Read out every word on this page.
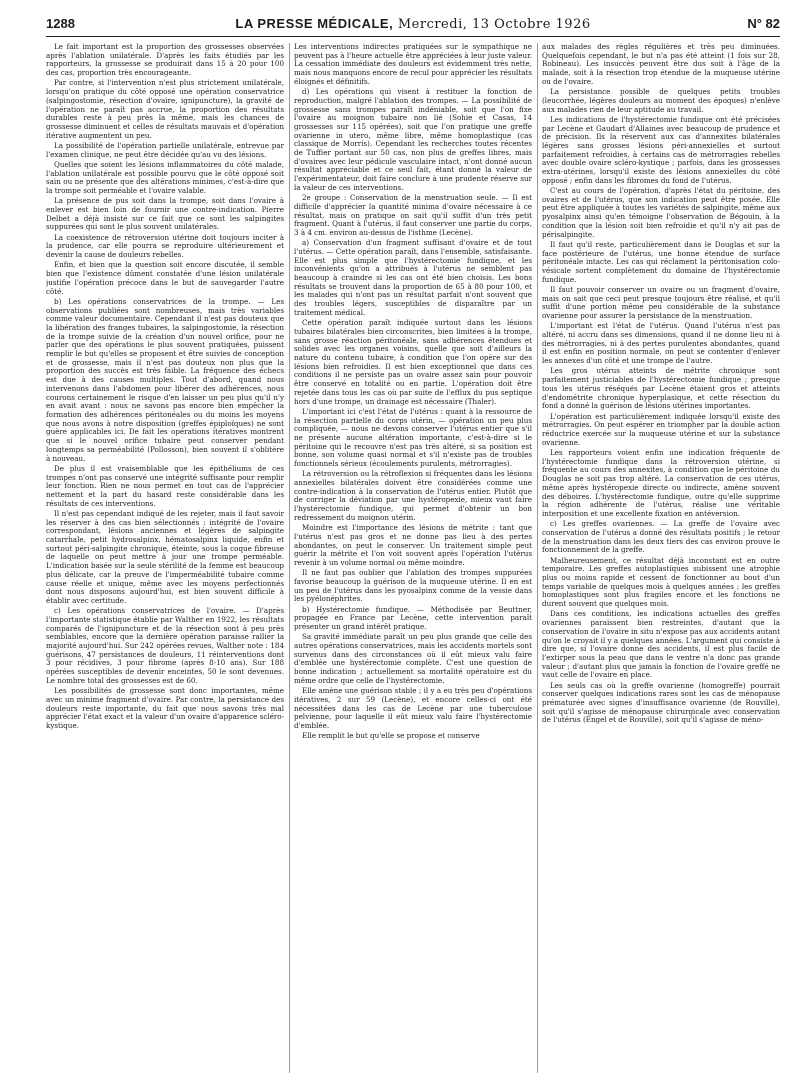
1288	LA PRESSE MÉDICALE, Mercredi, 13 Octobre 1926	N° 82

Le fait important est la proportion des grossesses observées après l'ablation unilatérale. D'après les faits étudiés par les rapporteurs, la grossesse se produirait dans 15 à 20 pour 100 des cas, proportion très encourageante.

Par contre, si l'intervention n'est plus strictement unilatérale, lorsqu'on pratique du côté opposé une opération conservatrice (salpingostomie, résection d'ovaire, ignipuncture), la gravité de l'opération ne paraît pas accrue, la proportion des résultats durables reste à peu près la même, mais les chances de grossesse diminuent et celles de résultats mauvais et d'opération itérative augmentent un peu.

La possibilité de l'opération partielle unilatérale, entrevue par l'examen clinique, ne peut être décidée qu'au vu des lésions.

Quelles que soient les lésions inflammatoires du côté malade, l'ablation unilatérale est possible pourvu que le côté opposé soit sain ou ne présente que des altérations minimes, c'est-à-dire que la trompe soit perméable et l'ovaire valable.

La présence de pus soit dans la trompe, soit dans l'ovaire à enlever est bien loin de fournir une contre-indication. Pierre Delbet a déjà insisté sur ce fait que ce sont les salpingites suppurées qui sont le plus souvent unilatérales.

La coexistence de rétroversion utérine doit toujours inciter à la prudence, car elle pourra se reproduire ultérieurement et devenir la cause de douleurs rebelles.

Enfin, et bien que la question soit encore discutée, il semble bien que l'existence dûment constatée d'une lésion unilatérale justifie l'opération précoce dans le but de sauvegarder l'autre côté.

b) Les opérations conservatrices de la trompe. — Les observations publiées sont nombreuses, mais très variables comme valeur documentaire. Cependant il n'est pas douteux que la libération des franges tubaires, la salpingostomie, la résection de la trompe suivie de la création d'un nouvel orifice, pour ne parler que des opérations le plus souvent pratiquées, puissent remplir le but qu'elles se proposent et être suivies de conception et de grossesse, mais il n'est pas douteux non plus que la proportion des succès est très faible. La fréquence des échecs est due à des causes multiples. Tout d'abord, quand nous intervenons dans l'abdomen pour libérer des adhérences, nous courons certainement le risque d'en laisser un peu plus qu'il n'y en avait avant : nous ne savons pas encore bien empêcher la formation des adhérences péritonéales ou du moins les moyens que nous avons à notre disposition (greffes épiploïques) ne sont guère applicables ici. De fait les opérations itératives montrent que si le nouvel orifice tubaire peut conserver pendant longtemps sa perméabilité (Pollosson), bien souvent il s'oblitère à nouveau.

De plus il est vraisemblable que les épithéliums de ces trompes n'ont pas conservé une intégrité suffisante pour remplir leur fonction. Rien ne nous permet en tout cas de l'apprécier nettement et la part du hasard reste considérable dans les résultats de ces interventions.

Il n'est pas cependant indiqué de les rejeter, mais il faut savoir les réserver à des cas bien sélectionnés : intégrité de l'ovaire correspondant, lésions anciennes et légères de salpingite catarrhale, petit hydrosalpinx, hématosalpinx liquide, enfin et surtout péri-salpingite chronique, éteinte, sous la coque fibreuse de laquelle on peut mettre à jour une trompe perméable. L'indication basée sur la seule stérilité de la femme est beaucoup plus délicate, car la preuve de l'imperméabilité tubaire comme cause réelle et unique, même avec les moyens perfectionnés dont nous disposons aujourd'hui, est bien souvent difficile à établir avec certitude.

c) Les opérations conservatrices de l'ovaire. — D'après l'importante statistique établie par Walther en 1922, les résultats comparés de l'ignipuncture et de la résection sont à peu près semblables, encore que la dernière opération paraisse rallier la majorité aujourd'hui. Sur 242 opérées revues, Walther note : 184 guérisons, 47 persistances de douleurs, 11 réinterventions dont 3 pour récidives, 3 pour fibrome (après 8-10 ans). Sur 188 opérées susceptibles de devenir enceintes, 50 le sont devenues. Le nombre total des grossesses est de 60.

Les possibilités de grossesse sont donc importantes, même avec un minime fragment d'ovaire. Par contre, la persistance des douleurs reste importante, du fait que nous savons très mal apprécier l'état exact et la valeur d'un ovaire d'apparence scléro-kystique.

Les interventions indirectes pratiquées sur le sympathique ne peuvent pas à l'heure actuelle être appréciées à leur juste valeur. La cessation immédiate des douleurs est évidemment très nette, mais nous manquons encore de recul pour apprécier les résultats éloignés et définitifs.

d) Les opérations qui visent à restituer la fonction de reproduction, malgré l'ablation des trompes. — La possibilité de grossesse sans trompes paraît indéniable, soit que l'on fixe l'ovaire au moignon tubaire non lié (Sohie et Casas, 14 grossesses sur 115 opérées), soit que l'on pratique une greffe ovarienne in utero, même libre, même homoplastique (cas classique de Morris). Cependant les recherches toutes récentes de Tuffier portant sur 50 cas, non plus de greffes libres, mais d'ovaires avec leur pédicule vasculaire intact, n'ont donné aucun résultat appréciable et ce seul fait, étant donné la valeur de l'expérimentateur, doit faire conclure à une prudente réserve sur la valeur de ces interventions.

2e groupe : Conservation de la menstruation seule. — Il est difficile d'apprécier la quantité minima d'ovaire nécessaire à ce résultat, mais on pratique on sait qu'il suffit d'un très petit fragment. Quant à l'utérus, il faut conserver une partie du corps, 3 à 4 cm. environ au-dessus de l'isthme (Lecène).

a) Conservation d'un fragment suffisant d'ovaire et de tout l'utérus. — Cette opération paraît, dans l'ensemble, satisfaisante. Elle est plus simple que l'hystérectomie fundique, et les inconvénients qu'on a attribués à l'utérus ne semblent pas beaucoup à craindre si les cas ont été bien choisis. Les bons résultats se trouvent dans la proportion de 65 à 80 pour 100, et les malades qui n'ont pas un résultat parfait n'ont souvent que des troubles légers, susceptibles de disparaître par un traitement médical.

Cette opération paraît indiquée surtout dans les lésions tubaires bilatérales bien circonscrites, bien limitées à la trompe, sans grosse réaction péritonéale, sans adhérences étendues et solides avec les organes voisins, quelle que soit d'ailleurs la nature du contenu tubaire, à condition que l'on opère sur des lésions bien refroidies. Il est bien exceptionnel que dans ces conditions il ne persiste pas un ovaire assez sain pour pouvoir être conservé en totalité ou en partie. L'opération doit être rejetée dans tous les cas où par suite de l'efflux du pus septique hors d'une trompe, un drainage est nécessaire (Thaler).

L'important ici c'est l'état de l'utérus : quant à la ressource de la résection partielle du corps utérin, — opération un peu plus compliquée, — nous ne devons conserver l'utérus entier que s'il ne présente aucune altération importante, c'est-à-dire si le péritoine qui le recouvre n'est pas très altéré, si sa position est bonne, son volume quasi normal et s'il n'existe pas de troubles fonctionnels sérieux (écoulements purulents, métrorragies).

La rétroversion ou la rétroflexion si fréquentes dans les lésions annexielles bilatérales doivent être considérées comme une contre-indication à la conservation de l'utérus entier. Plutôt que de corriger la déviation par une hystéropexie, mieux vaut faire l'hystérectomie fundique, qui permet d'obtenir un bon redressement du moignon utérin.

Moindre est l'importance des lésions de métrite : tant que l'utérus n'est pas gros et ne donne pas lieu à des pertes abondantes, on peut le conserver. Un traitement simple peut guérir la métrite et l'on voit souvent après l'opération l'utérus revenir à un volume normal ou même moindre.

Il ne faut pas oublier que l'ablation des trompes suppurées favorise beaucoup la guérison de la muqueuse utérine. Il en est un peu de l'utérus dans les pyosalpinx comme de la vessie dans les pyélonéphrites.

b) Hystérectomie fundique. — Méthodisée par Beuttner, propagée en France par Lecène, cette intervention paraît présenter un grand intérêt pratique.

Sa gravité immédiate paraît un peu plus grande que celle des autres opérations conservatrices, mais les accidents mortels sont survenus dans des circonstances où il eût mieux valu faire d'emblée une hystérectomie complète. C'est une question de bonne indication ; actuellement sa mortalité opératoire est du même ordre que celle de l'hystérectomie.

Elle amène une guérison stable ; il y a eu très peu d'opérations itératives, 2 sur 59 (Lecène), et encore celles-ci ont été nécessitées dans les cas de Lecène par une tuberculose pelvienne, pour laquelle il eût mieux valu faire l'hystérectomie d'emblée.

Elle remplit le but qu'elle se propose et conserve

aux malades des règles régulières et très peu diminuées. Quelquefois cependant, le but n'a pas été atteint (1 fois sur 28, Robineau). Les insuccès peuvent être dus soit à l'âge de la malade, soit à la résection trop étendue de la muqueuse utérine ou de l'ovaire.

La persistance possible de quelques petits troubles (leucorrhée, légères douleurs au moment des époques) n'enlève aux malades rien de leur aptitude au travail.

Les indications de l'hystérectomie fundique ont été précisées par Lecène et Gaudart d'Allaines avec beaucoup de prudence et de précision. Ils la réservent aux cas d'annexites bilatérales légères sans grosses lésions péri-annexielles et surtout parfaitement refroidies, à certains cas de métrorragies rebelles avec double ovaire scléro-kystique ; parfois, dans les grossesses extra-utérines, lorsqu'il existe des lésions annexielles du côté opposé ; enfin dans les fibromes du fond de l'utérus.

C'est au cours de l'opération, d'après l'état du péritoine, des ovaires et de l'utérus, que son indication peut être posée. Elle peut être appliquée à toutes les variétés de salpingite, même aux pyosalpinx ainsi qu'en témoigne l'observation de Bégouin, à la condition que la lésion soit bien refroidie et qu'il n'y ait pas de périsalpingite.

Il faut qu'il reste, particulièrement dans le Douglas et sur la face postérieure de l'utérus, une bonne étendue de surface péritonéale intacte. Les cas qui réclament la péritonisation colo-vésicale sortent complètement du domaine de l'hystérectomie fundique.

Il faut pouvoir conserver un ovaire ou un fragment d'ovaire, mais on sait que ceci peut presque toujours être réalisé, et qu'il suffit d'une portion même peu considérable de la substance ovarienne pour assurer la persistance de la menstruation.

L'important est l'état de l'utérus. Quand l'utérus n'est pas altéré, ni accru dans ses dimensions, quand il ne donne lieu ni à des métrorragies, ni à des pertes purulentes abondantes, quand il est enfin en position normale, on peut se contenter d'enlever les annexes d'un côté et une trompe de l'autre.

Les gros utérus atteints de métrite chronique sont parfaitement justiciables de l'hystérectomie fundique ; presque tous les utérus réséqués par Lecène étaient gros et atteints d'endométrite chronique hyperplasique, et cette résection du fond a donné la guérison de lésions utérines importantes.

L'opération est particulièrement indiquée lorsqu'il existe des métrorragies. On peut espérer en triompher par la double action réductrice exercée sur la muqueuse utérine et sur la substance ovarienne.

Les rapporteurs voient enfin une indication fréquente de l'hystérectomie fundique dans la rétroversion utérine, si fréquente au cours des annexites, à condition que le péritoine du Douglas ne soit pas trop altéré. La conservation de ces utérus, même après hystéropexie directe ou indirecte, amène souvent des déboires. L'hystérectomie fundique, outre qu'elle supprime la région adhérente de l'utérus, réalise une véritable interposition et une excellente fixation en antéversion.

c) Les greffes ovariennes. — La greffe de l'ovaire avec conservation de l'utérus a donné des résultats positifs ; le retour de la menstruation dans les deux tiers des cas environ prouve le fonctionnement de la greffe.

Malheureusement, ce résultat déjà inconstant est en outre temporaire. Les greffes autoplastiques subissent une atrophie plus ou moins rapide et cessent de fonctionner au bout d'un temps variable de quelques mois à quelques années ; les greffes homoplastiques sont plus fragiles encore et les fonctions ne durent souvent que quelques mois.

Dans ces conditions, les indications actuelles des greffes ovariennes paraissent bien restreintes, d'autant que la conservation de l'ovaire in situ n'expose pas aux accidents autant qu'on le croyait il y a quelques années. L'argument qui consiste à dire que, si l'ovaire donne des accidents, il est plus facile de l'extirper sous la peau que dans le ventre n'a donc pas grande valeur ; d'autant plus que jamais la fonction de l'ovaire greffé ne vaut celle de l'ovaire en place.

Les seuls cas où la greffe ovarienne (homogreffe) pourrait conserver quelques indications rares sont les cas de ménopause prématurée avec signes d'insuffisance ovarienne (de Rouville), soit qu'il s'agisse de ménopause chirurgicale avec conservation de l'utérus (Engel et de Rouville), soit qu'il s'agisse de méno-
